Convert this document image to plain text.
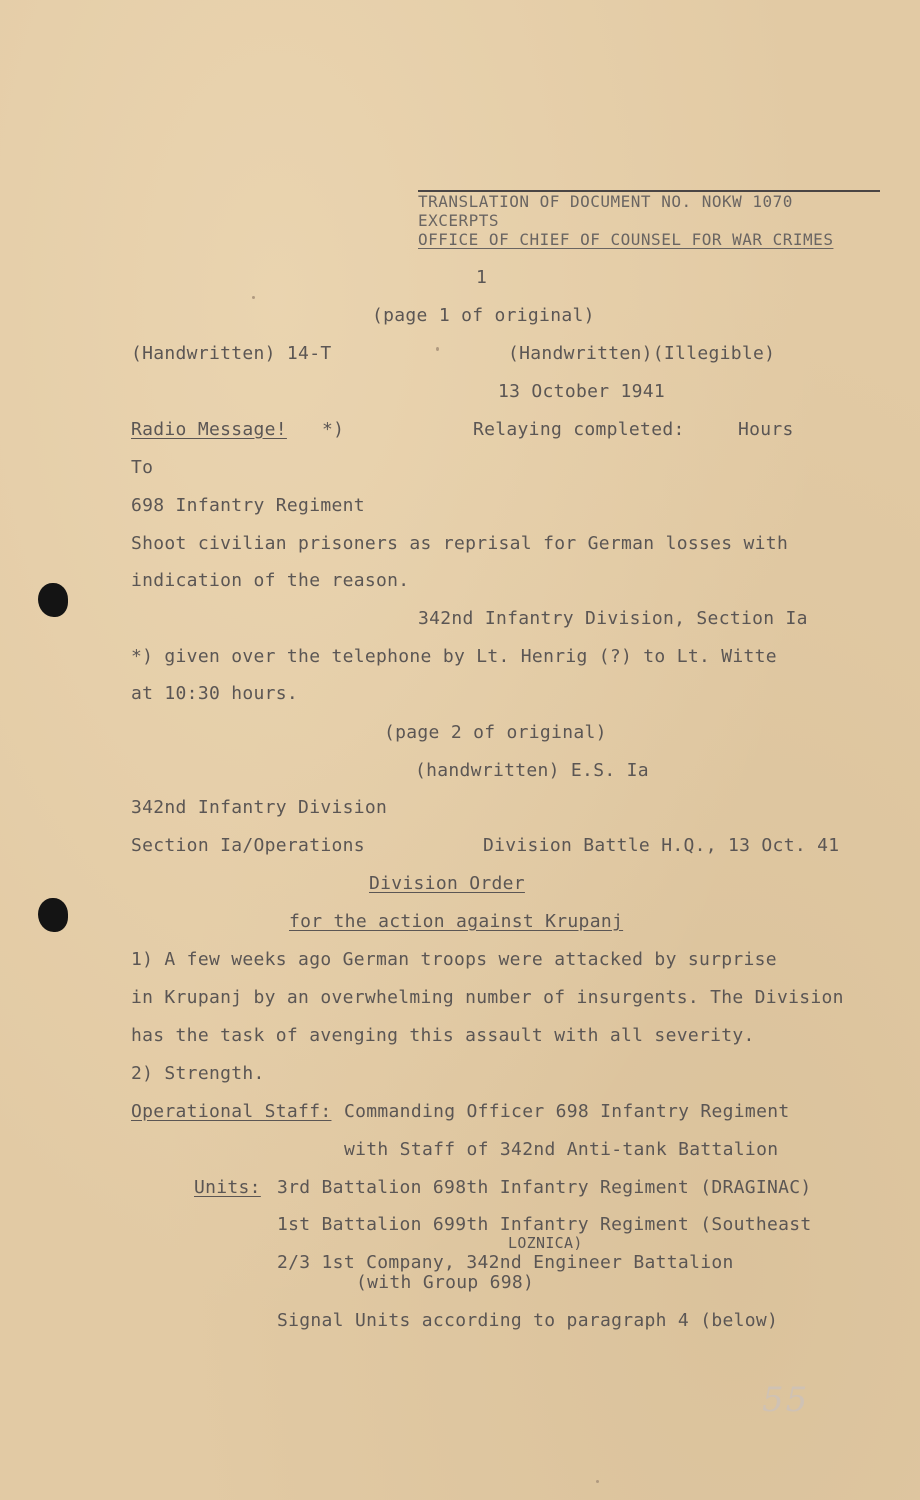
TRANSLATION OF DOCUMENT NO. NOKW 1070
EXCERPTS
OFFICE OF CHIEF OF COUNSEL FOR WAR CRIMES
1
(page 1 of original)
(Handwritten) 14-T	(Handwritten)(Illegible)
13 October 1941
Radio Message! *)	Relaying completed:	Hours
To
698 Infantry Regiment
Shoot civilian prisoners as reprisal for German losses with
indication of the reason.
342nd Infantry Division, Section Ia
*) given over the telephone by Lt. Henrig (?) to Lt. Witte
at 10:30 hours.
(page 2 of original)
(handwritten) E.S. Ia
342nd Infantry Division
Section Ia/Operations	Division Battle H.Q., 13 Oct. 41
Division Order
for the action against Krupanj
1) A few weeks ago German troops were attacked by surprise
in Krupanj by an overwhelming number of insurgents. The Division
has the task of avenging this assault with all severity.
2) Strength.
Operational Staff: Commanding Officer 698 Infantry Regiment
with Staff of 342nd Anti-tank Battalion
Units: 3rd Battalion 698th Infantry Regiment (DRAGINAC)
1st Battalion 699th Infantry Regiment (Southeast
LOZNICA)
2/3 1st Company, 342nd Engineer Battalion
(with Group 698)
Signal Units according to paragraph 4 (below)
55
